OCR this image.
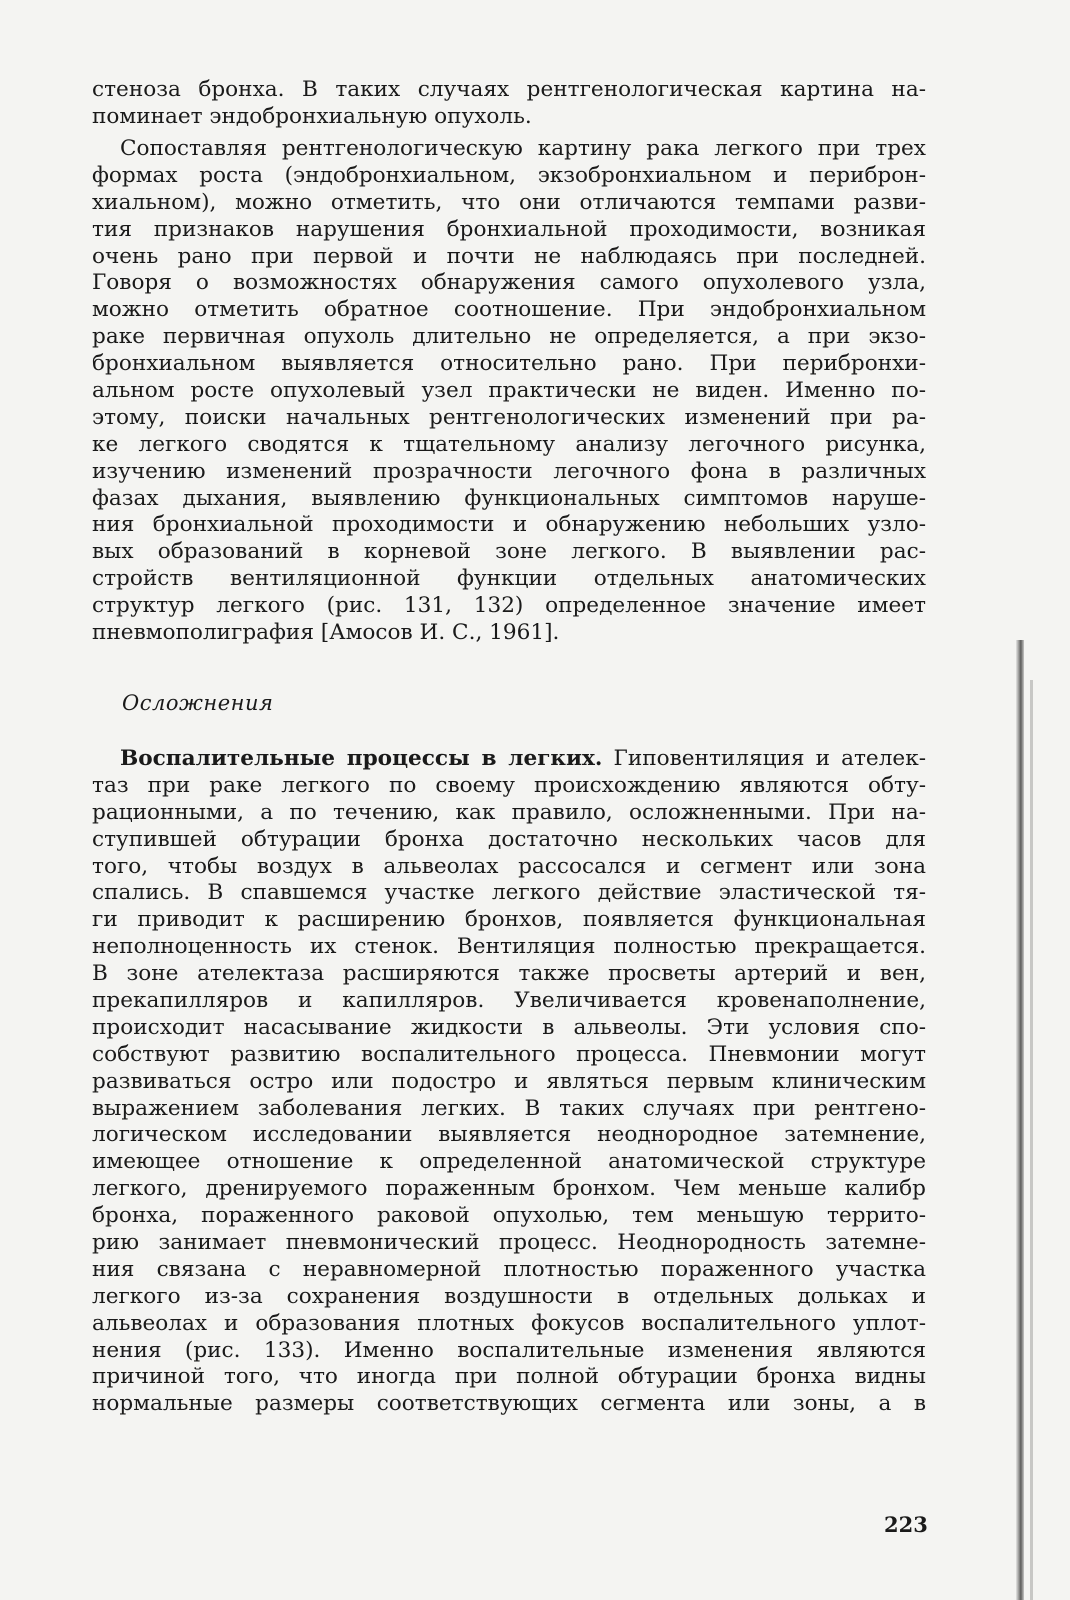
стеноза бронха. В таких случаях рентгенологическая картина на-
поминает эндобронхиальную опухоль.
Сопоставляя рентгенологическую картину рака легкого при трех
формах роста (эндобронхиальном, экзобронхиальном и периброн-
хиальном), можно отметить, что они отличаются темпами разви-
тия признаков нарушения бронхиальной проходимости, возникая
очень рано при первой и почти не наблюдаясь при последней.
Говоря о возможностях обнаружения самого опухолевого узла,
можно отметить обратное соотношение. При эндобронхиальном
раке первичная опухоль длительно не определяется, а при экзо-
бронхиальном выявляется относительно рано. При перибронхи-
альном росте опухолевый узел практически не виден. Именно по-
этому, поиски начальных рентгенологических изменений при ра-
ке легкого сводятся к тщательному анализу легочного рисунка,
изучению изменений прозрачности легочного фона в различных
фазах дыхания, выявлению функциональных симптомов наруше-
ния бронхиальной проходимости и обнаружению небольших узло-
вых образований в корневой зоне легкого. В выявлении рас-
стройств вентиляционной функции отдельных анатомических
структур легкого (рис. 131, 132) определенное значение имеет
пневмополиграфия [Амосов И. С., 1961].
Осложнения
Воспалительные процессы в легких. Гиповентиляция и ателек-
таз при раке легкого по своему происхождению являются обту-
рационными, а по течению, как правило, осложненными. При на-
ступившей обтурации бронха достаточно нескольких часов для
того, чтобы воздух в альвеолах рассосался и сегмент или зона
спались. В спавшемся участке легкого действие эластической тя-
ги приводит к расширению бронхов, появляется функциональная
неполноценность их стенок. Вентиляция полностью прекращается.
В зоне ателектаза расширяются также просветы артерий и вен,
прекапилляров и капилляров. Увеличивается кровенаполнение,
происходит насасывание жидкости в альвеолы. Эти условия спо-
собствуют развитию воспалительного процесса. Пневмонии могут
развиваться остро или подостро и являться первым клиническим
выражением заболевания легких. В таких случаях при рентгено-
логическом исследовании выявляется неоднородное затемнение,
имеющее отношение к определенной анатомической структуре
легкого, дренируемого пораженным бронхом. Чем меньше калибр
бронха, пораженного раковой опухолью, тем меньшую террито-
рию занимает пневмонический процесс. Неоднородность затемне-
ния связана с неравномерной плотностью пораженного участка
легкого из-за сохранения воздушности в отдельных дольках и
альвеолах и образования плотных фокусов воспалительного уплот-
нения (рис. 133). Именно воспалительные изменения являются
причиной того, что иногда при полной обтурации бронха видны
нормальные размеры соответствующих сегмента или зоны, а в
223
